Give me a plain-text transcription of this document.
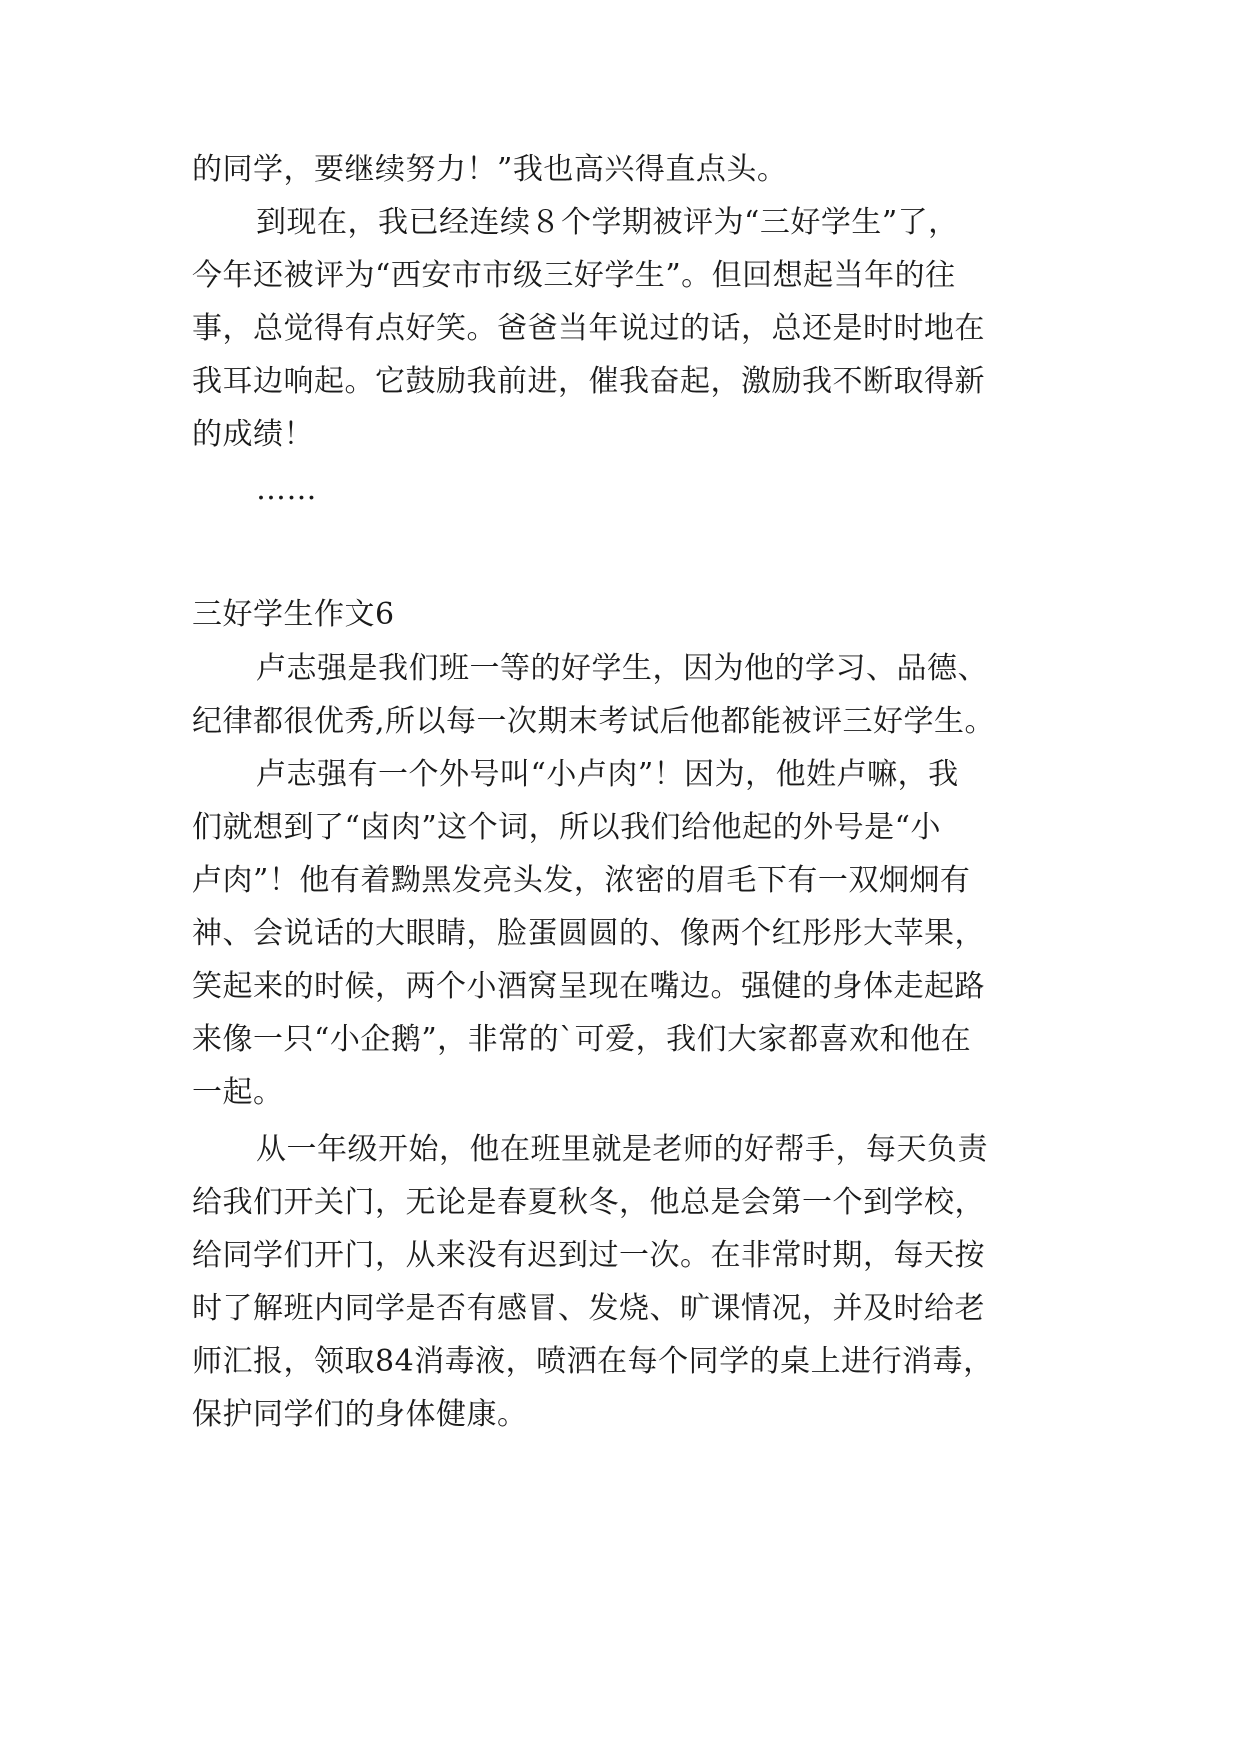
的同学，要继续努力！”我也高兴得直点头。
到现在，我已经连续８个学期被评为“三好学生”了，
今年还被评为“西安市市级三好学生”。但回想起当年的往
事，总觉得有点好笑。爸爸当年说过的话，总还是时时地在
我耳边响起。它鼓励我前进，催我奋起，激励我不断取得新
的成绩！
……
三好学生作文6
卢志强是我们班一等的好学生，因为他的学习、品德、
纪律都很优秀,所以每一次期末考试后他都能被评三好学生。
卢志强有一个外号叫“小卢肉”！因为，他姓卢嘛，我
们就想到了“卤肉”这个词，所以我们给他起的外号是“小
卢肉”！他有着黝黑发亮头发，浓密的眉毛下有一双炯炯有
神、会说话的大眼睛，脸蛋圆圆的、像两个红彤彤大苹果，
笑起来的时候，两个小酒窝呈现在嘴边。强健的身体走起路
来像一只“小企鹅”，非常的`可爱，我们大家都喜欢和他在
一起。
从一年级开始，他在班里就是老师的好帮手，每天负责
给我们开关门，无论是春夏秋冬，他总是会第一个到学校，
给同学们开门，从来没有迟到过一次。在非常时期，每天按
时了解班内同学是否有感冒、发烧、旷课情况，并及时给老
师汇报，领取84消毒液，喷洒在每个同学的桌上进行消毒，
保护同学们的身体健康。
